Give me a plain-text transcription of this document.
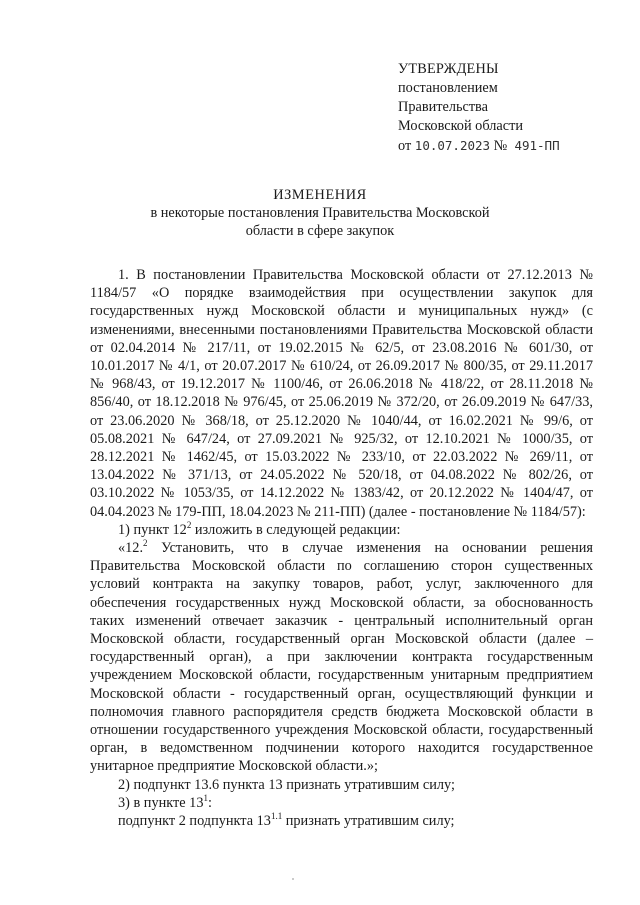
УТВЕРЖДЕНЫ
постановлением
Правительства
Московской области
от 10.07.2023 № 491-ПП
ИЗМЕНЕНИЯ
в некоторые постановления Правительства Московской
области в сфере закупок

1. В постановлении Правительства Московской области от 27.12.2013 № 1184/57 «О порядке взаимодействия при осуществлении закупок для государственных нужд Московской области и муниципальных нужд» (с изменениями, внесенными постановлениями Правительства Московской области от 02.04.2014 № 217/11, от 19.02.2015 № 62/5, от 23.08.2016 № 601/30, от 10.01.2017 № 4/1, от 20.07.2017 № 610/24, от 26.09.2017 № 800/35, от 29.11.2017 № 968/43, от 19.12.2017 № 1100/46, от 26.06.2018 № 418/22, от 28.11.2018 № 856/40, от 18.12.2018 № 976/45, от 25.06.2019 № 372/20, от 26.09.2019 № 647/33, от 23.06.2020 № 368/18, от 25.12.2020 № 1040/44, от 16.02.2021 № 99/6, от 05.08.2021 № 647/24, от 27.09.2021 № 925/32, от 12.10.2021 № 1000/35, от 28.12.2021 № 1462/45, от 15.03.2022 № 233/10, от 22.03.2022 № 269/11, от 13.04.2022 № 371/13, от 24.05.2022 № 520/18, от 04.08.2022 № 802/26, от 03.10.2022 № 1053/35, от 14.12.2022 № 1383/42, от 20.12.2022 № 1404/47, от 04.04.2023 № 179-ПП, 18.04.2023 № 211-ПП) (далее - постановление № 1184/57):

1) пункт $12^2$ изложить в следующей редакции:

«12.$^2$ Установить, что в случае изменения на основании решения Правительства Московской области по соглашению сторон существенных условий контракта на закупку товаров, работ, услуг, заключенного для обеспечения государственных нужд Московской области, за обоснованность таких изменений отвечает заказчик - центральный исполнительный орган Московской области, государственный орган Московской области (далее – государственный орган), а при заключении контракта государственным учреждением Московской области, государственным унитарным предприятием Московской области - государственный орган, осуществляющий функции и полномочия главного распорядителя средств бюджета Московской области в отношении государственного учреждения Московской области, государственный орган, в ведомственном подчинении которого находится государственное унитарное предприятие Московской области.»;

2) подпункт 13.6 пункта 13 признать утратившим силу;

3) в пункте $13^1$:

подпункт 2 подпункта $13^{1.1}$ признать утратившим силу;
